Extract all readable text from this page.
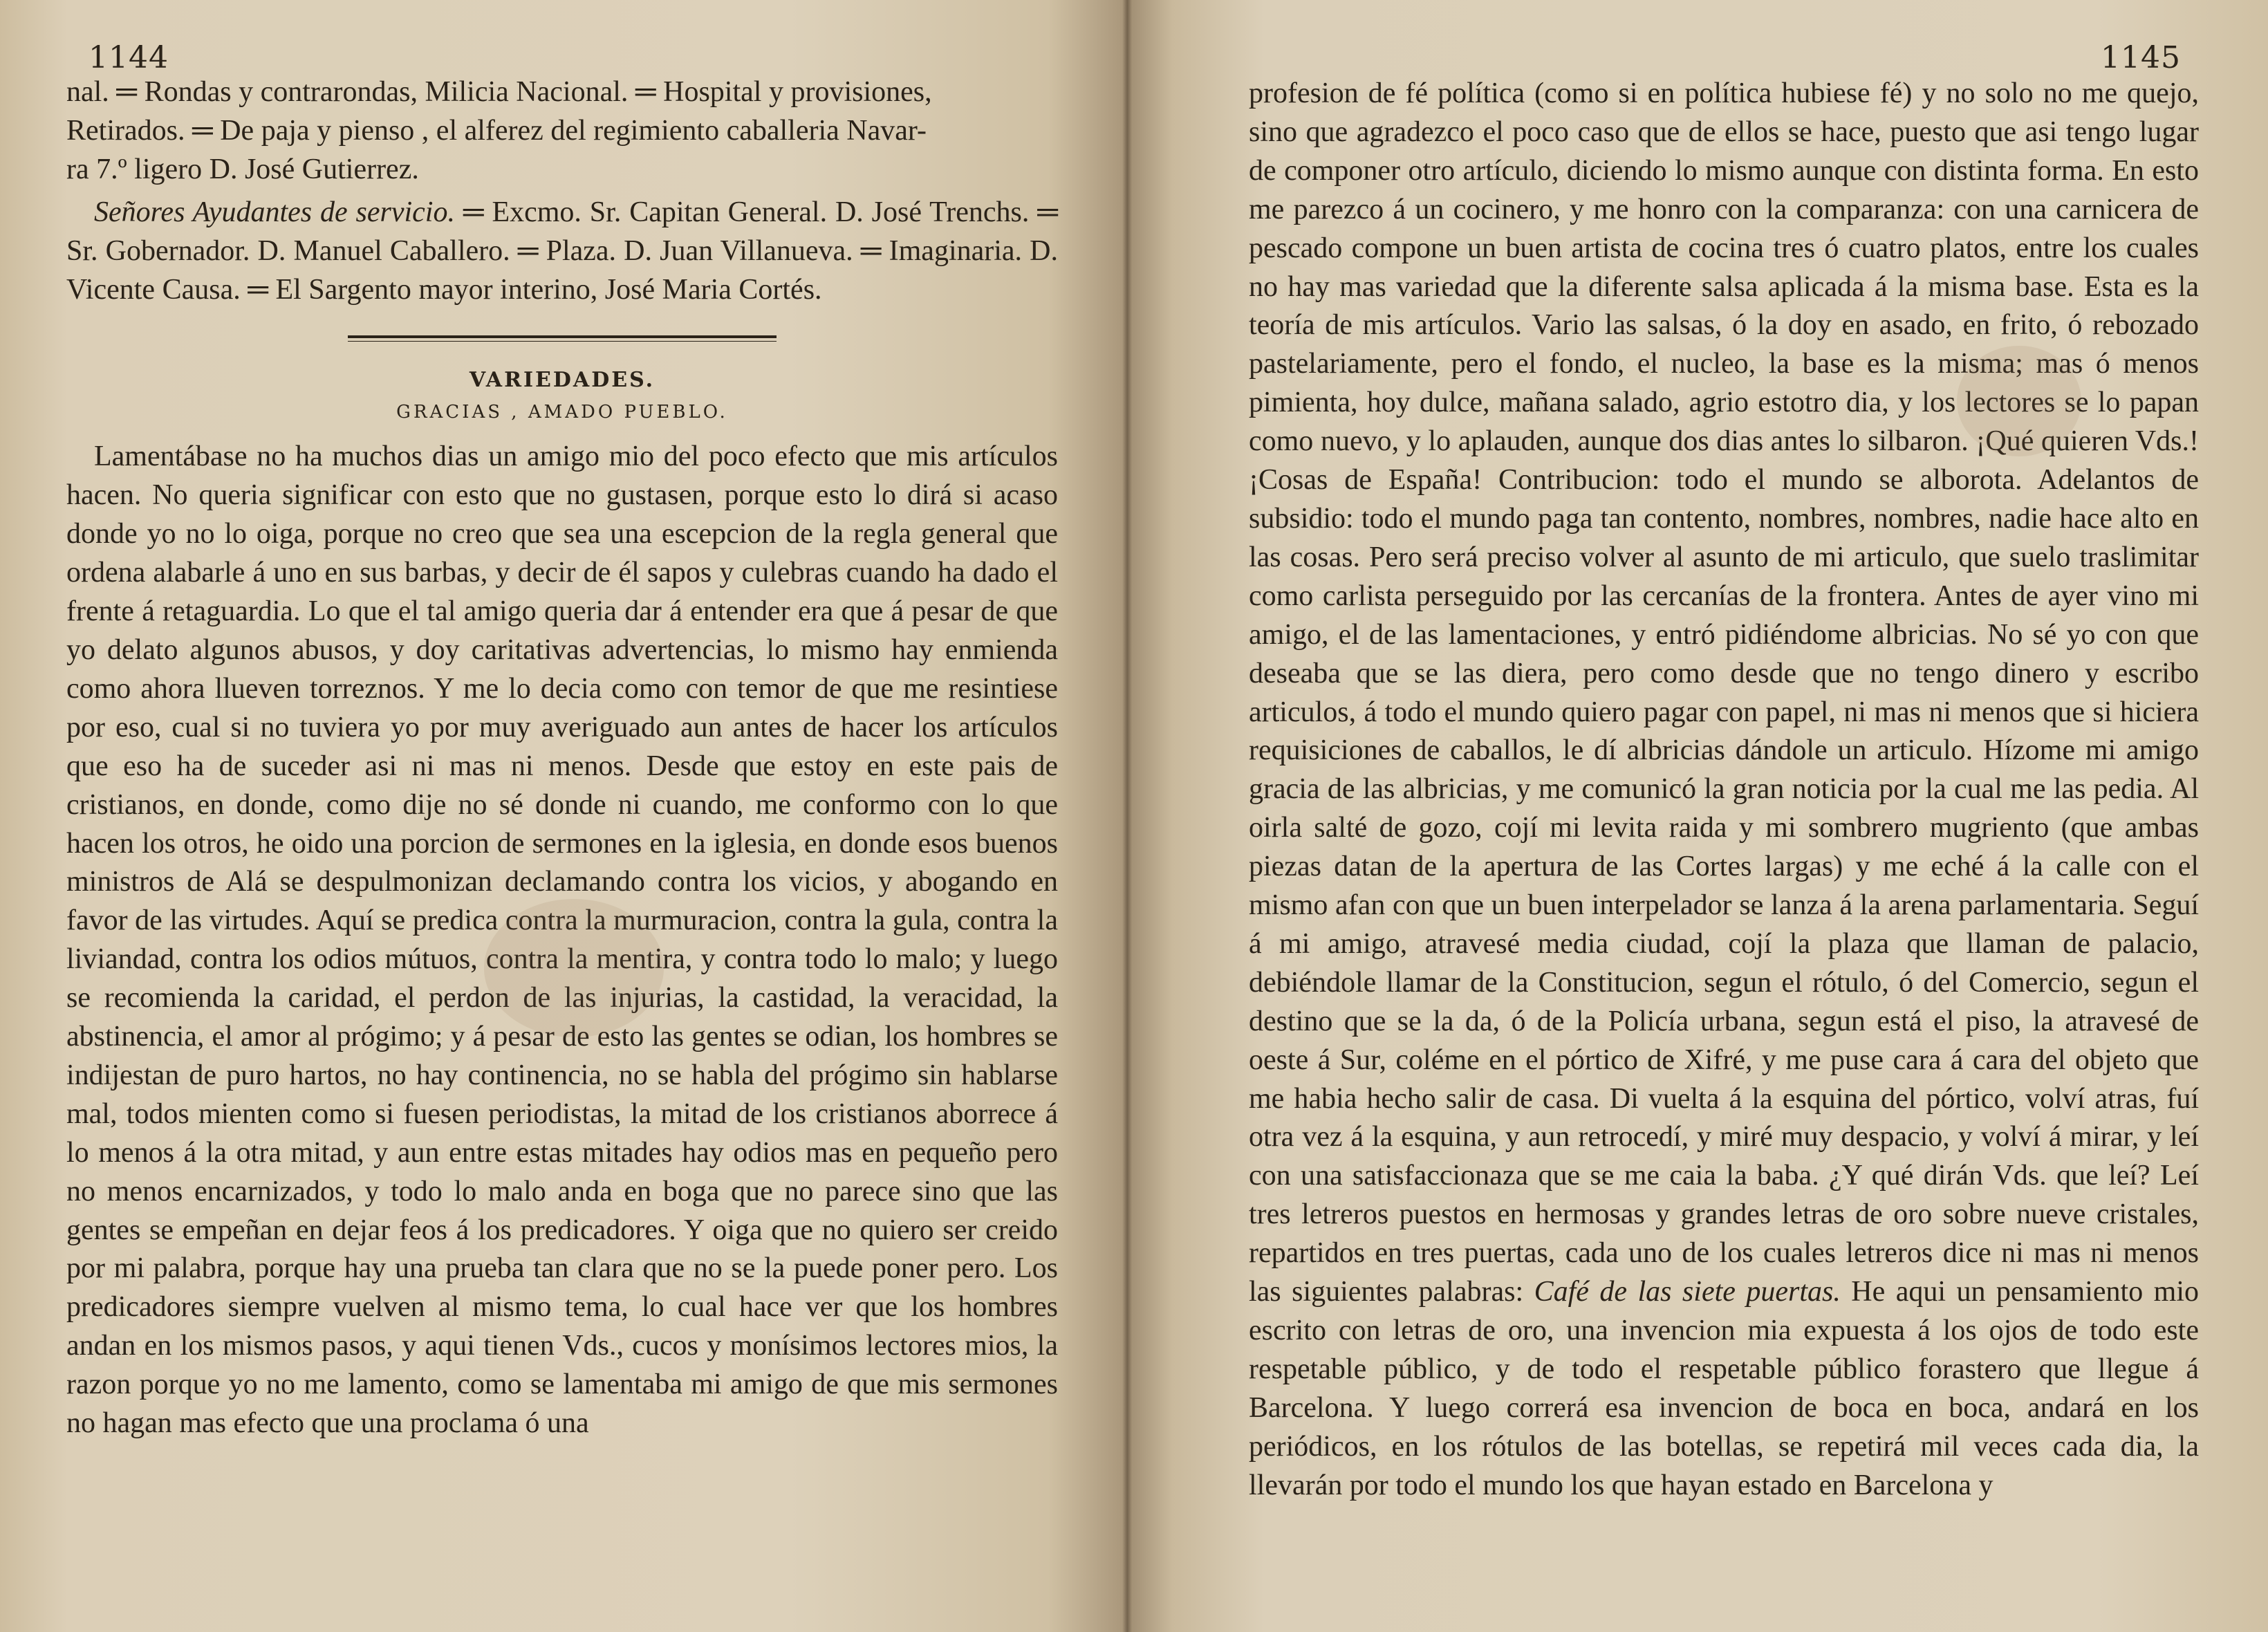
1144

nal. ═ Rondas y contrarondas, Milicia Nacional. ═ Hospital y provisiones,

Retirados. ═ De paja y pienso , el alferez del regimiento caballeria Navar-

ra 7.º ligero D. José Gutierrez.

Señores Ayudantes de servicio. ═ Excmo. Sr. Capitan General. D. José Trenchs. ═ Sr. Gobernador. D. Manuel Caballero. ═ Plaza. D. Juan Villanueva. ═ Imaginaria. D. Vicente Causa. ═ El Sargento mayor interino, José Maria Cortés.

VARIEDADES.
GRACIAS , AMADO PUEBLO.

Lamentábase no ha muchos dias un amigo mio del poco efecto que mis artículos hacen. No queria significar con esto que no gustasen, porque esto lo dirá si acaso donde yo no lo oiga, porque no creo que sea una escepcion de la regla general que ordena alabarle á uno en sus barbas, y decir de él sapos y culebras cuando ha dado el frente á retaguardia. Lo que el tal amigo queria dar á entender era que á pesar de que yo delato algunos abusos, y doy caritativas advertencias, lo mismo hay enmienda como ahora llueven torreznos. Y me lo decia como con temor de que me resintiese por eso, cual si no tuviera yo por muy averiguado aun antes de hacer los artículos que eso ha de suceder asi ni mas ni menos. Desde que estoy en este pais de cristianos, en donde, como dije no sé donde ni cuando, me conformo con lo que hacen los otros, he oido una porcion de sermones en la iglesia, en donde esos buenos ministros de Alá se despulmonizan declamando contra los vicios, y abogando en favor de las virtudes. Aquí se predica contra la murmuracion, contra la gula, contra la liviandad, contra los odios mútuos, contra la mentira, y contra todo lo malo; y luego se recomienda la caridad, el perdon de las injurias, la castidad, la veracidad, la abstinencia, el amor al prógimo; y á pesar de esto las gentes se odian, los hombres se indijestan de puro hartos, no hay continencia, no se habla del prógimo sin hablarse mal, todos mienten como si fuesen periodistas, la mitad de los cristianos aborrece á lo menos á la otra mitad, y aun entre estas mitades hay odios mas en pequeño pero no menos encarnizados, y todo lo malo anda en boga que no parece sino que las gentes se empeñan en dejar feos á los predicadores. Y oiga que no quiero ser creido por mi palabra, porque hay una prueba tan clara que no se la puede poner pero. Los predicadores siempre vuelven al mismo tema, lo cual hace ver que los hombres andan en los mismos pasos, y aqui tienen Vds., cucos y monísimos lectores mios, la razon porque yo no me lamento, como se lamentaba mi amigo de que mis sermones no hagan mas efecto que una proclama ó una

1145

profesion de fé política (como si en política hubiese fé) y no solo no me quejo, sino que agradezco el poco caso que de ellos se hace, puesto que asi tengo lugar de componer otro artículo, diciendo lo mismo aunque con distinta forma. En esto me parezco á un cocinero, y me honro con la comparanza: con una carnicera de pescado compone un buen artista de cocina tres ó cuatro platos, entre los cuales no hay mas variedad que la diferente salsa aplicada á la misma base. Esta es la teoría de mis artículos. Vario las salsas, ó la doy en asado, en frito, ó rebozado pastelariamente, pero el fondo, el nucleo, la base es la misma; mas ó menos pimienta, hoy dulce, mañana salado, agrio estotro dia, y los lectores se lo papan como nuevo, y lo aplauden, aunque dos dias antes lo silbaron. ¡Qué quieren Vds.! ¡Cosas de España! Contribucion: todo el mundo se alborota. Adelantos de subsidio: todo el mundo paga tan contento, nombres, nombres, nadie hace alto en las cosas. Pero será preciso volver al asunto de mi articulo, que suelo traslimitar como carlista perseguido por las cercanías de la frontera. Antes de ayer vino mi amigo, el de las lamentaciones, y entró pidiéndome albricias. No sé yo con que deseaba que se las diera, pero como desde que no tengo dinero y escribo articulos, á todo el mundo quiero pagar con papel, ni mas ni menos que si hiciera requisiciones de caballos, le dí albricias dándole un articulo. Hízome mi amigo gracia de las albricias, y me comunicó la gran noticia por la cual me las pedia. Al oirla salté de gozo, cojí mi levita raida y mi sombrero mugriento (que ambas piezas datan de la apertura de las Cortes largas) y me eché á la calle con el mismo afan con que un buen interpelador se lanza á la arena parlamentaria. Seguí á mi amigo, atravesé media ciudad, cojí la plaza que llaman de palacio, debiéndole llamar de la Constitucion, segun el rótulo, ó del Comercio, segun el destino que se la da, ó de la Policía urbana, segun está el piso, la atravesé de oeste á Sur, coléme en el pórtico de Xifré, y me puse cara á cara del objeto que me habia hecho salir de casa. Di vuelta á la esquina del pórtico, volví atras, fuí otra vez á la esquina, y aun retrocedí, y miré muy despacio, y volví á mirar, y leí con una satisfaccionaza que se me caia la baba. ¿Y qué dirán Vds. que leí? Leí tres letreros puestos en hermosas y grandes letras de oro sobre nueve cristales, repartidos en tres puertas, cada uno de los cuales letreros dice ni mas ni menos las siguientes palabras: Café de las siete puertas. He aqui un pensamiento mio escrito con letras de oro, una invencion mia expuesta á los ojos de todo este respetable público, y de todo el respetable público forastero que llegue á Barcelona. Y luego correrá esa invencion de boca en boca, andará en los periódicos, en los rótulos de las botellas, se repetirá mil veces cada dia, la llevarán por todo el mundo los que hayan estado en Barcelona y
